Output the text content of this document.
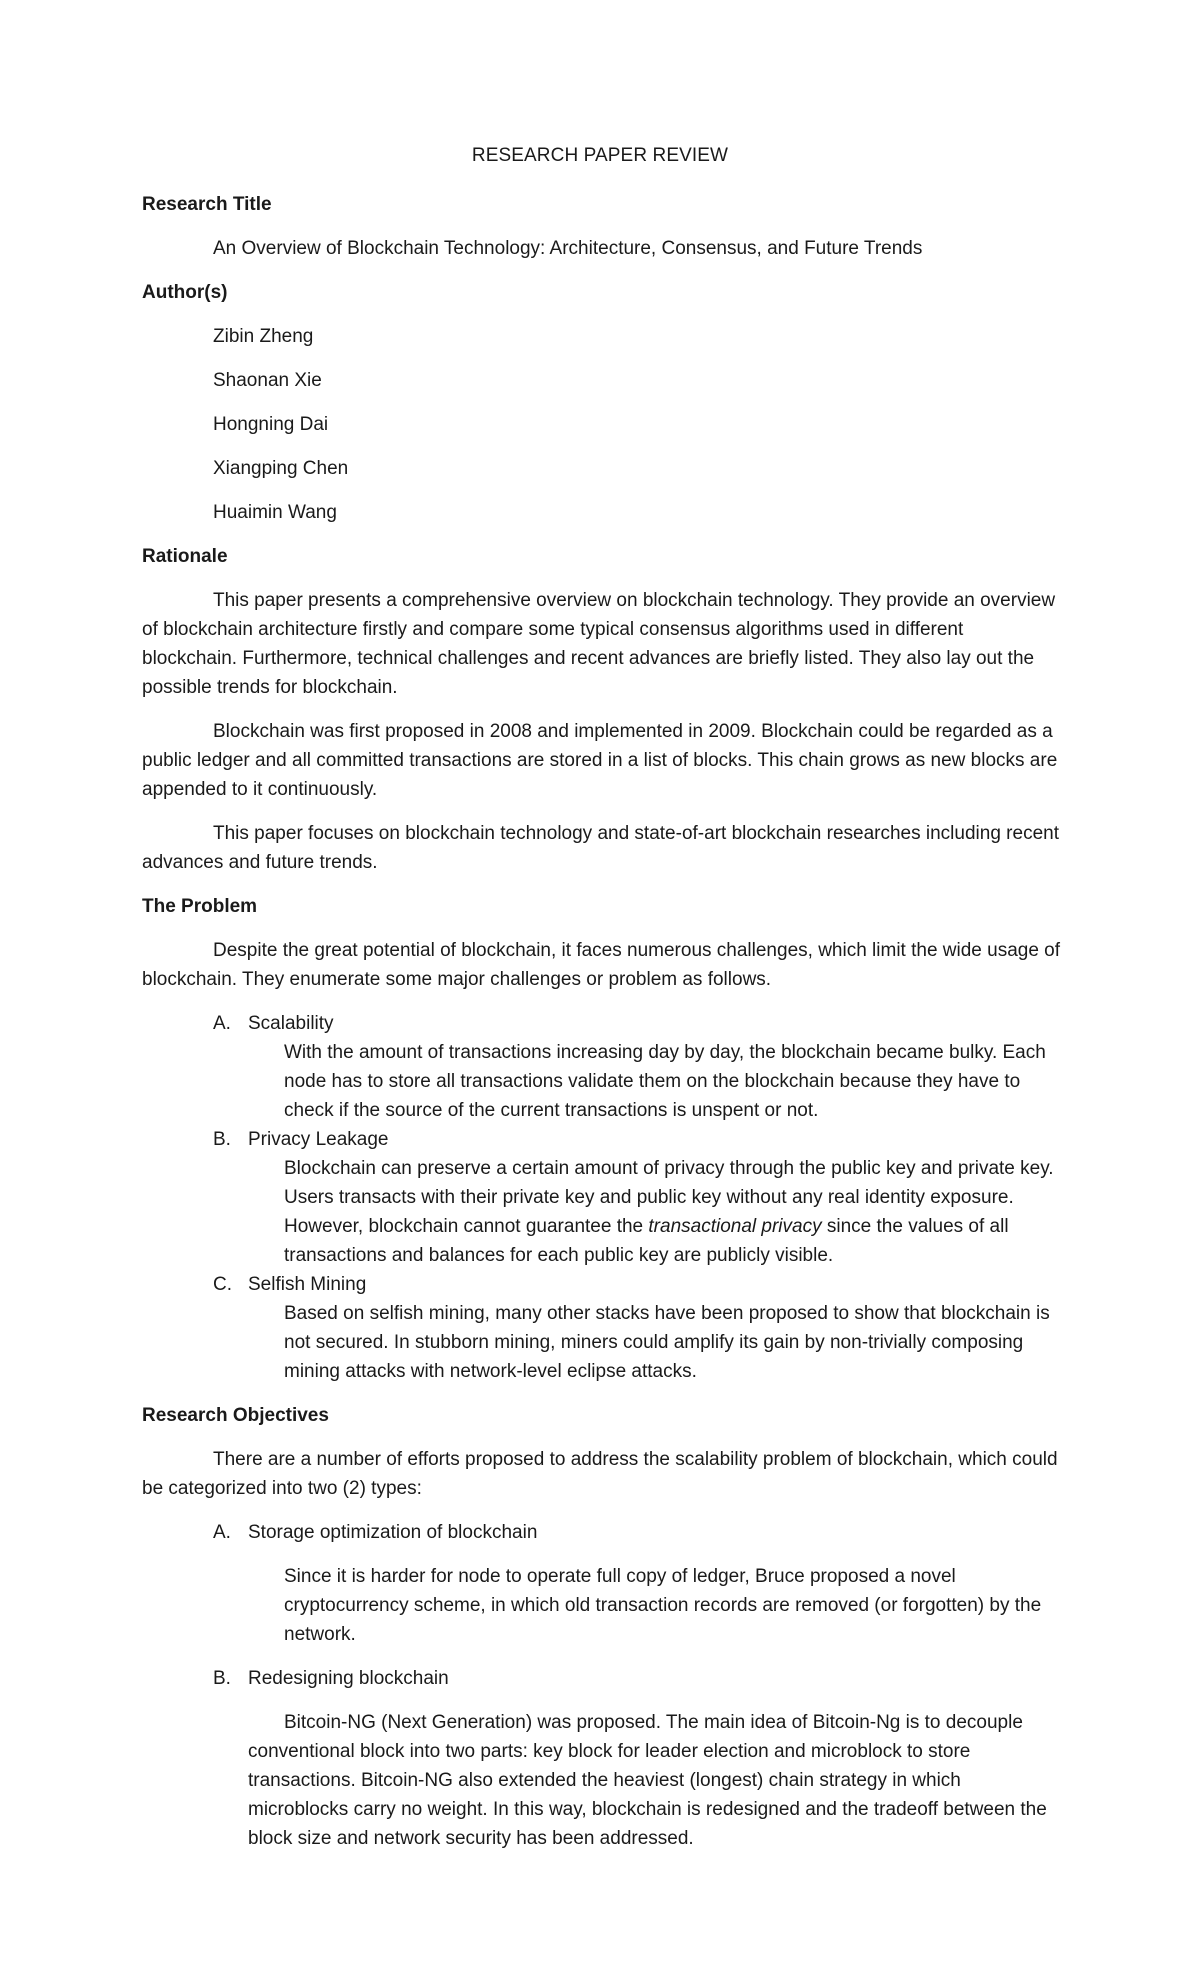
RESEARCH PAPER REVIEW

Research Title

An Overview of Blockchain Technology: Architecture, Consensus, and Future Trends

Author(s)

Zibin Zheng

Shaonan Xie

Hongning Dai

Xiangping Chen

Huaimin Wang

Rationale

This paper presents a comprehensive overview on blockchain technology. They provide an overview of blockchain architecture firstly and compare some typical consensus algorithms used in different blockchain. Furthermore, technical challenges and recent advances are briefly listed. They also lay out the possible trends for blockchain.

Blockchain was first proposed in 2008 and implemented in 2009. Blockchain could be regarded as a public ledger and all committed transactions are stored in a list of blocks. This chain grows as new blocks are appended to it continuously.

This paper focuses on blockchain technology and state-of-art blockchain researches including recent advances and future trends.

The Problem

Despite the great potential of blockchain, it faces numerous challenges, which limit the wide usage of blockchain. They enumerate some major challenges or problem as follows.

A. Scalability
With the amount of transactions increasing day by day, the blockchain became bulky. Each node has to store all transactions validate them on the blockchain because they have to check if the source of the current transactions is unspent or not.
B. Privacy Leakage
Blockchain can preserve a certain amount of privacy through the public key and private key. Users transacts with their private key and public key without any real identity exposure. However, blockchain cannot guarantee the transactional privacy since the values of all transactions and balances for each public key are publicly visible.
C. Selfish Mining
Based on selfish mining, many other stacks have been proposed to show that blockchain is not secured. In stubborn mining, miners could amplify its gain by non-trivially composing mining attacks with network-level eclipse attacks.

Research Objectives

There are a number of efforts proposed to address the scalability problem of blockchain, which could be categorized into two (2) types:

A. Storage optimization of blockchain

Since it is harder for node to operate full copy of ledger, Bruce proposed a novel cryptocurrency scheme, in which old transaction records are removed (or forgotten) by the network.

B. Redesigning blockchain

Bitcoin-NG (Next Generation) was proposed. The main idea of Bitcoin-Ng is to decouple conventional block into two parts: key block for leader election and microblock to store transactions. Bitcoin-NG also extended the heaviest (longest) chain strategy in which microblocks carry no weight. In this way, blockchain is redesigned and the tradeoff between the block size and network security has been addressed.
